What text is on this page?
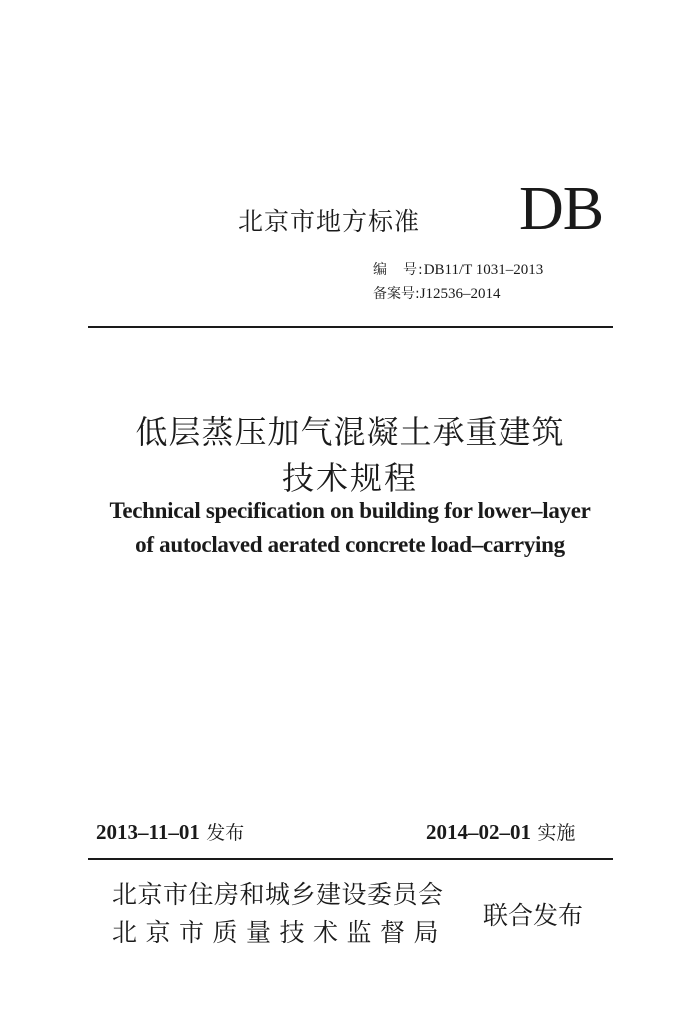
北京市地方标准 DB
编　号:DB11/T 1031–2013
备案号:J12536–2014
低层蒸压加气混凝土承重建筑
技术规程
Technical specification on building for lower–layer
of autoclaved aerated concrete load–carrying
2013–11–01 发布	2014–02–01 实施
北京市住房和城乡建设委员会
北京市质量技术监督局
联合发布
